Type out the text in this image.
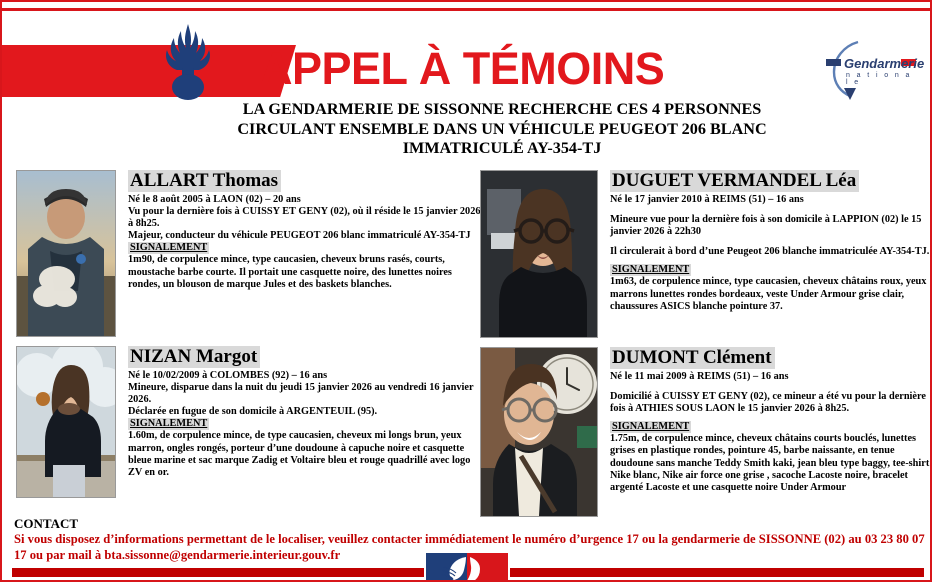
APPEL À TÉMOINS	Gendarmerie
n a t i o n a l e
LA GENDARMERIE DE SISSONNE RECHERCHE CES 4 PERSONNES
CIRCULANT ENSEMBLE DANS UN VÉHICULE PEUGEOT 206 BLANC
IMMATRICULÉ AY-354-TJ
ALLART Thomas

Né le 8 août 2005 à LAON (02) – 20 ans

Vu pour la dernière fois à CUISSY ET GENY (02), où il réside le 15 janvier 2026 à 8h25.

Majeur, conducteur du véhicule PEUGEOT 206 blanc immatriculé AY-354-TJ

SIGNALEMENT

1m90, de corpulence mince, type caucasien, cheveux bruns rasés, courts, moustache barbe courte. Il portait une casquette noire, des lunettes noires rondes, un blouson de marque Jules et des baskets blanches.

NIZAN Margot

Né le 10/02/2009 à COLOMBES (92) – 16 ans

Mineure, disparue dans la nuit du jeudi 15 janvier 2026 au vendredi 16 janvier 2026.

Déclarée en fugue de son domicile à ARGENTEUIL (95).

SIGNALEMENT

1.60m, de corpulence mince, de type caucasien, cheveux mi longs brun, yeux marron, ongles rongés, porteur d’une doudoune à capuche noire et casquette bleue marine et sac marque Zadig et Voltaire bleu et rouge quadrillé avec logo ZV en or.

DUGUET VERMANDEL Léa

Né le 17 janvier 2010 à REIMS (51) – 16 ans

Mineure vue pour la dernière fois à son domicile à LAPPION (02) le 15 janvier 2026 à 22h30

Il circulerait à bord d’une Peugeot 206 blanche immatriculée AY-354-TJ.

SIGNALEMENT

1m63, de corpulence mince, type caucasien, cheveux châtains roux, yeux marrons lunettes rondes bordeaux, veste Under Armour grise clair, chaussures ASICS blanche pointure 37.

DUMONT Clément

Né le 11 mai 2009 à REIMS (51) – 16 ans

Domicilié à CUISSY ET GENY (02), ce mineur a été vu pour la dernière fois à ATHIES SOUS LAON le 15 janvier 2026 à 8h25.

SIGNALEMENT

1.75m, de corpulence mince, cheveux châtains courts bouclés, lunettes grises en plastique rondes, pointure 45, barbe naissante, en tenue doudoune sans manche Teddy Smith kaki, jean bleu type baggy, tee-shirt Nike blanc, Nike air force one grise , sacoche Lacoste noire, bracelet argenté Lacoste et une casquette noire Under Armour

CONTACT
Si vous disposez d’informations permettant de le localiser, veuillez contacter immédiatement le numéro d’urgence 17 ou la gendarmerie de SISSONNE (02) au 03 23 80 07 17 ou par mail à bta.sissonne@gendarmerie.interieur.gouv.fr
